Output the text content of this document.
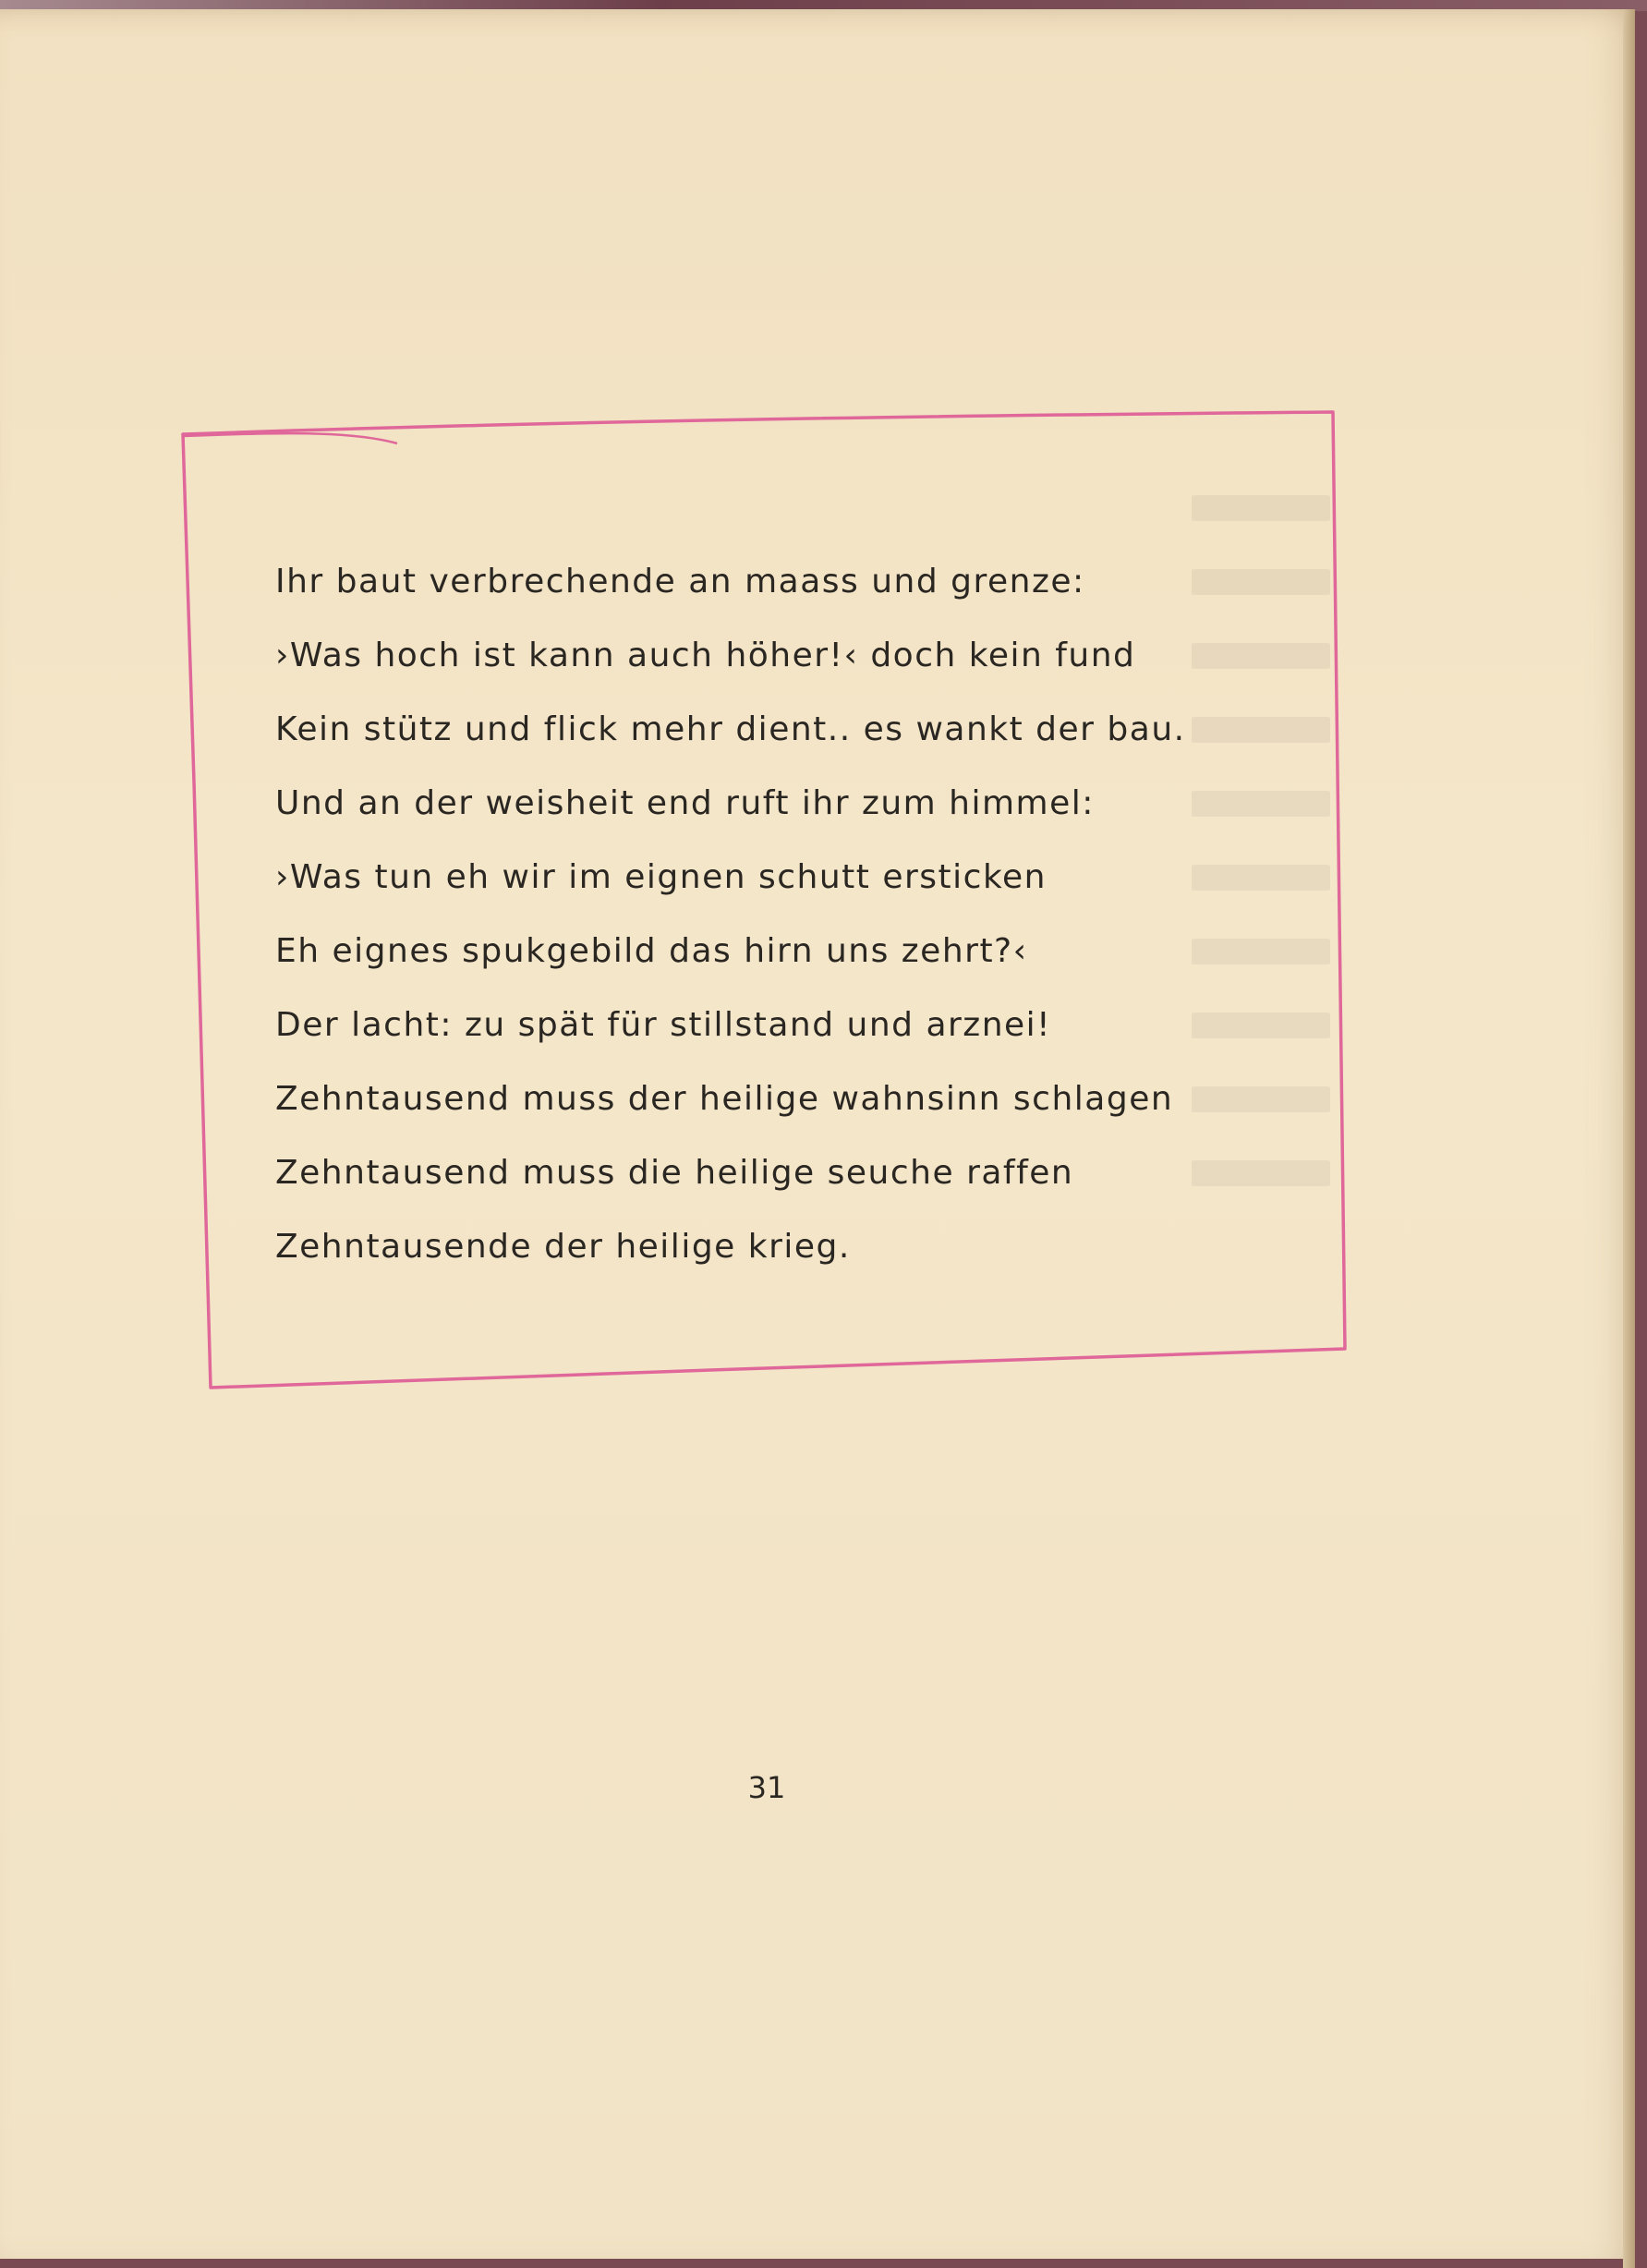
Ihr baut verbrechende an maass und grenze:
›Was hoch ist kann auch höher!‹ doch kein fund
Kein stütz und flick mehr dient.. es wankt der bau.
Und an der weisheit end ruft ihr zum himmel:
›Was tun eh wir im eignen schutt ersticken
Eh eignes spukgebild das hirn uns zehrt?‹
Der lacht: zu spät für stillstand und arznei!
Zehntausend muss der heilige wahnsinn schlagen
Zehntausend muss die heilige seuche raffen
Zehntausende der heilige krieg.
31
